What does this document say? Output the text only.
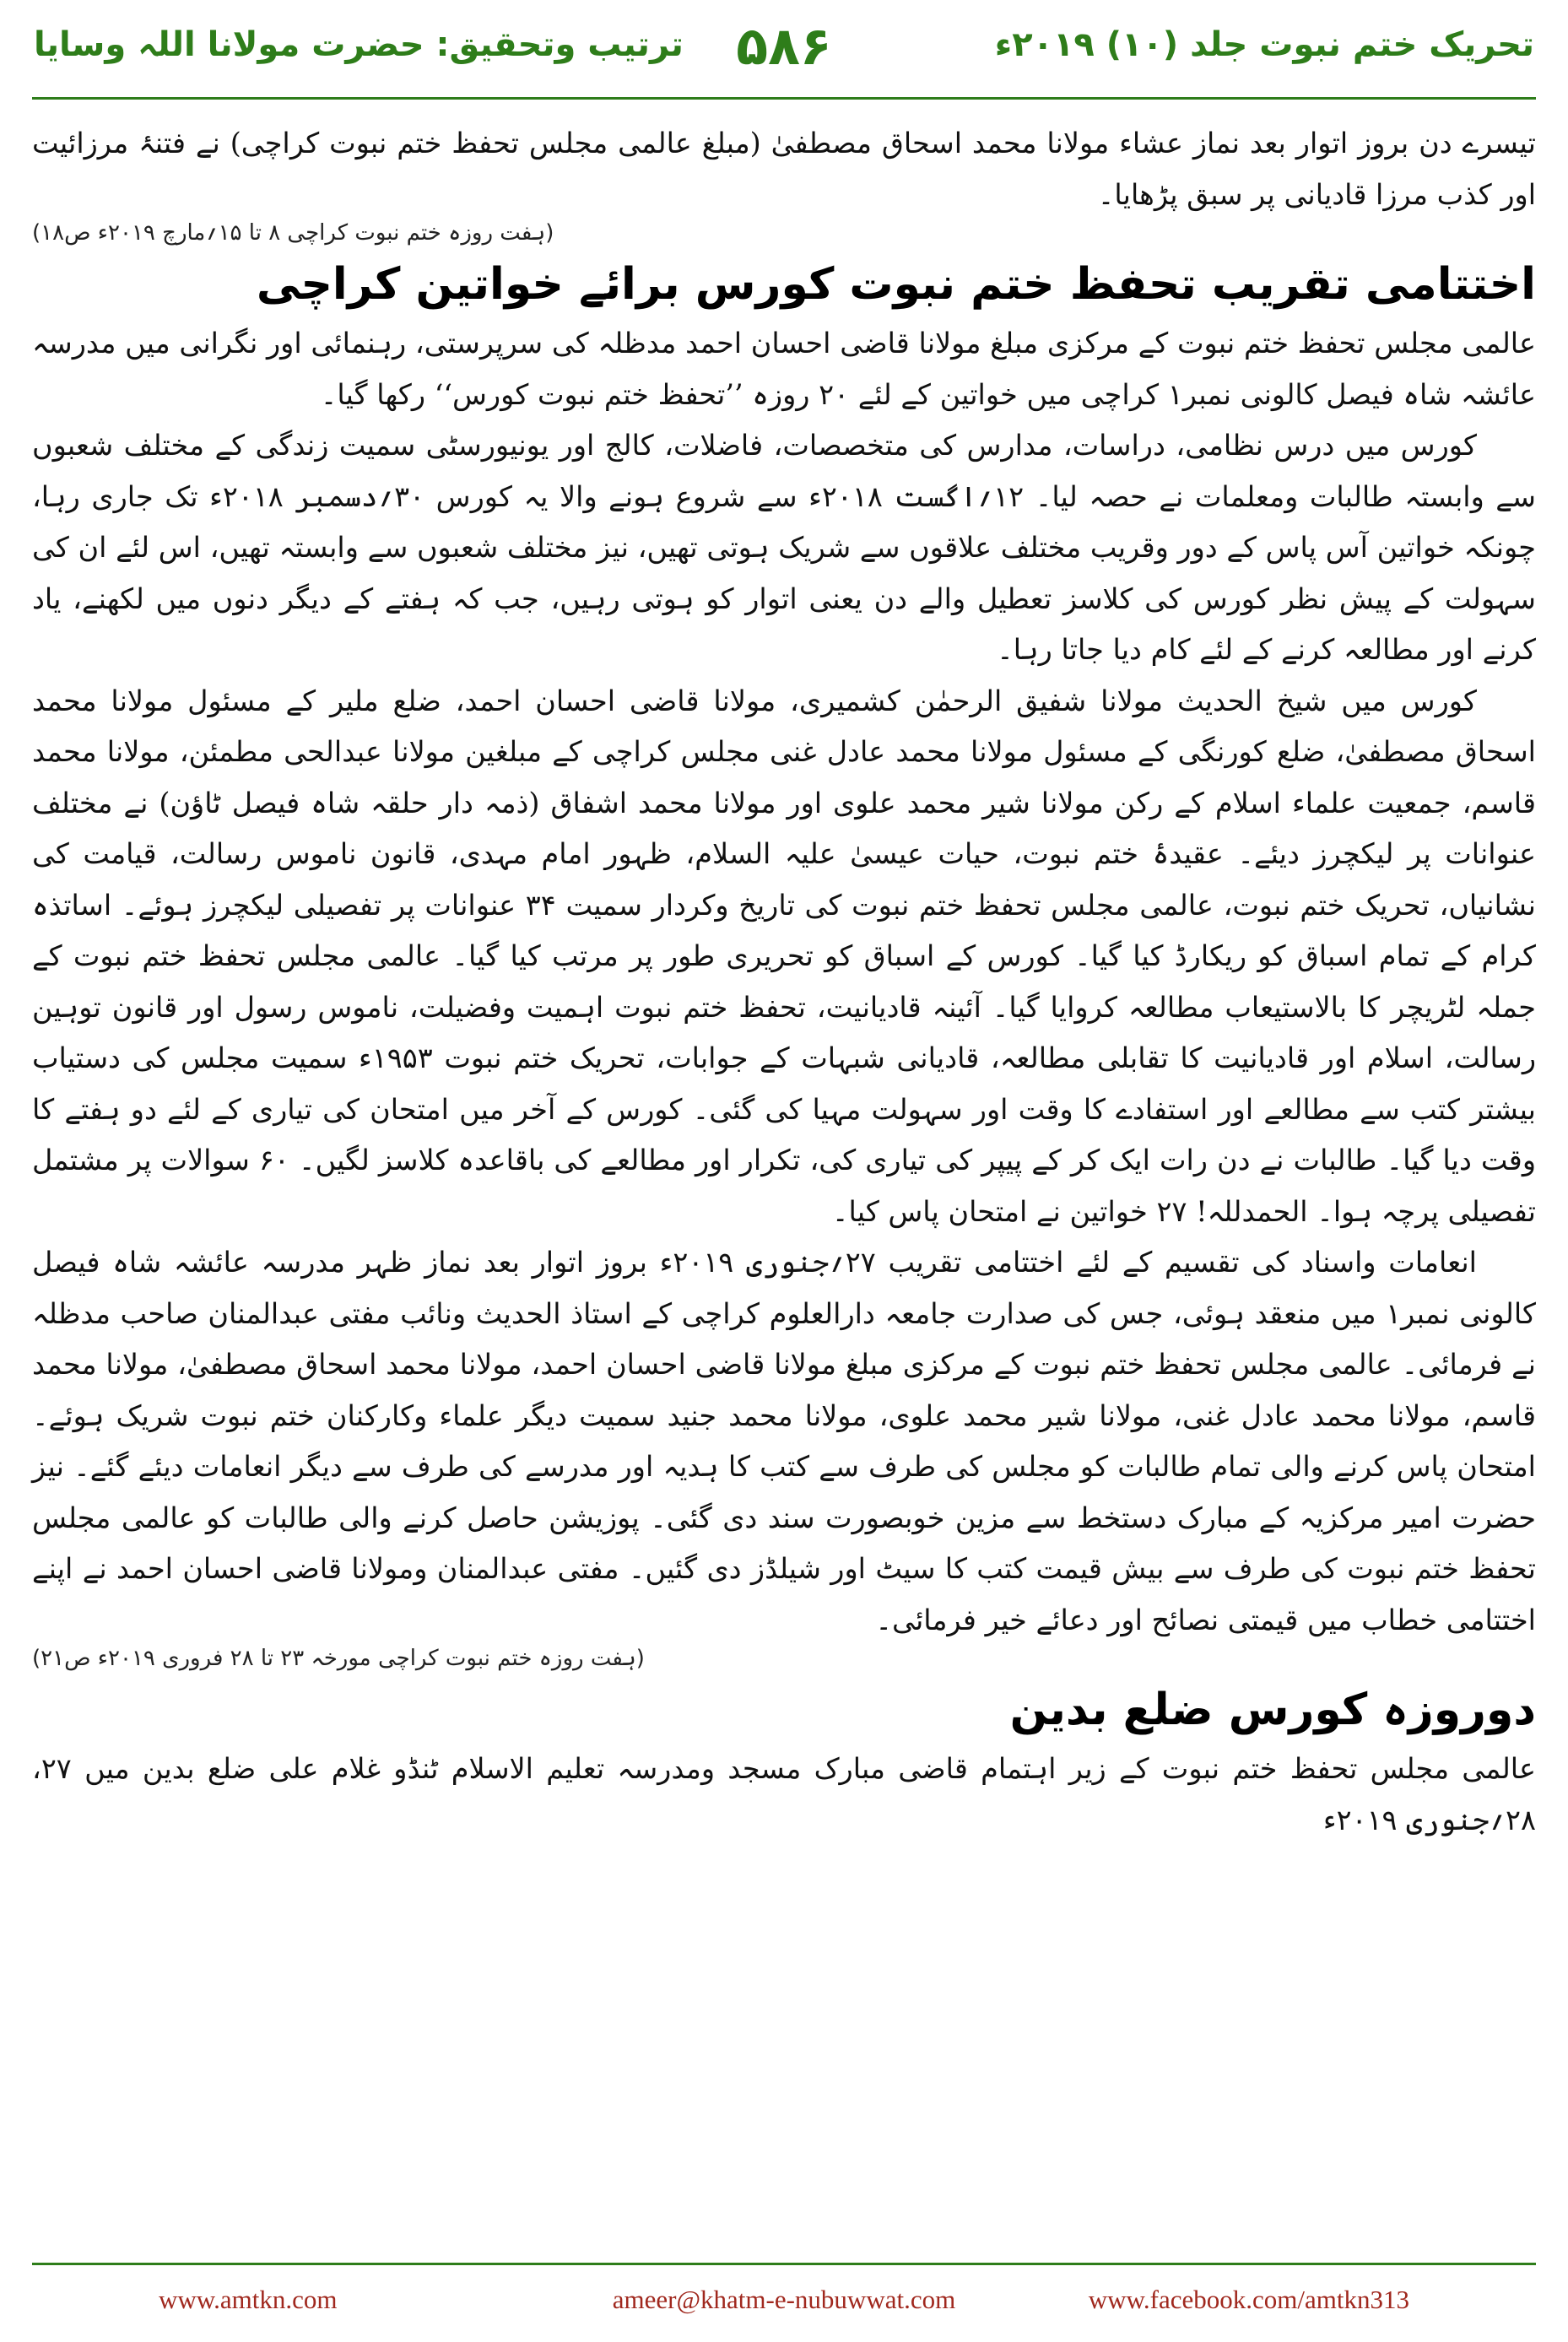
تحریک ختم نبوت جلد (۱۰) ۲۰۱۹ء
۵۸۶
ترتیب وتحقیق: حضرت مولانا اللہ وسایا

تیسرے دن بروز اتوار بعد نماز عشاء مولانا محمد اسحاق مصطفیٰ (مبلغ عالمی مجلس تحفظ ختم نبوت کراچی) نے فتنۂ مرزائیت اور کذب مرزا قادیانی پر سبق پڑھایا۔

(ہفت روزہ ختم نبوت کراچی ۸ تا ۱۵؍مارچ ۲۰۱۹ء ص۱۸)
اختتامی تقریب تحفظ ختم نبوت کورس برائے خواتین کراچی

عالمی مجلس تحفظ ختم نبوت کے مرکزی مبلغ مولانا قاضی احسان احمد مدظلہ کی سرپرستی، رہنمائی اور نگرانی میں مدرسہ عائشہ شاہ فیصل کالونی نمبر۱ کراچی میں خواتین کے لئے ۲۰ روزہ ’’تحفظ ختم نبوت کورس‘‘ رکھا گیا۔

کورس میں درس نظامی، دراسات، مدارس کی متخصصات، فاضلات، کالج اور یونیورسٹی سمیت زندگی کے مختلف شعبوں سے وابستہ طالبات ومعلمات نے حصہ لیا۔ ۱۲؍اگست ۲۰۱۸ء سے شروع ہونے والا یہ کورس ۳۰؍دسمبر ۲۰۱۸ء تک جاری رہا، چونکہ خواتین آس پاس کے دور وقریب مختلف علاقوں سے شریک ہوتی تھیں، نیز مختلف شعبوں سے وابستہ تھیں، اس لئے ان کی سہولت کے پیش نظر کورس کی کلاسز تعطیل والے دن یعنی اتوار کو ہوتی رہیں، جب کہ ہفتے کے دیگر دنوں میں لکھنے، یاد کرنے اور مطالعہ کرنے کے لئے کام دیا جاتا رہا۔

کورس میں شیخ الحدیث مولانا شفیق الرحمٰن کشمیری، مولانا قاضی احسان احمد، ضلع ملیر کے مسئول مولانا محمد اسحاق مصطفیٰ، ضلع کورنگی کے مسئول مولانا محمد عادل غنی مجلس کراچی کے مبلغین مولانا عبدالحی مطمئن، مولانا محمد قاسم، جمعیت علماء اسلام کے رکن مولانا شیر محمد علوی اور مولانا محمد اشفاق (ذمہ دار حلقہ شاہ فیصل ٹاؤن) نے مختلف عنوانات پر لیکچرز دیئے۔ عقیدۂ ختم نبوت، حیات عیسیٰ علیہ السلام، ظہور امام مہدی، قانون ناموس رسالت، قیامت کی نشانیاں، تحریک ختم نبوت، عالمی مجلس تحفظ ختم نبوت کی تاریخ وکردار سمیت ۳۴ عنوانات پر تفصیلی لیکچرز ہوئے۔ اساتذہ کرام کے تمام اسباق کو ریکارڈ کیا گیا۔ کورس کے اسباق کو تحریری طور پر مرتب کیا گیا۔ عالمی مجلس تحفظ ختم نبوت کے جملہ لٹریچر کا بالاستیعاب مطالعہ کروایا گیا۔ آئینہ قادیانیت، تحفظ ختم نبوت اہمیت وفضیلت، ناموس رسول اور قانون توہین رسالت، اسلام اور قادیانیت کا تقابلی مطالعہ، قادیانی شبہات کے جوابات، تحریک ختم نبوت ۱۹۵۳ء سمیت مجلس کی دستیاب بیشتر کتب سے مطالعے اور استفادے کا وقت اور سہولت مہیا کی گئی۔ کورس کے آخر میں امتحان کی تیاری کے لئے دو ہفتے کا وقت دیا گیا۔ طالبات نے دن رات ایک کر کے پیپر کی تیاری کی، تکرار اور مطالعے کی باقاعدہ کلاسز لگیں۔ ۶۰ سوالات پر مشتمل تفصیلی پرچہ ہوا۔ الحمدللہ! ۲۷ خواتین نے امتحان پاس کیا۔

انعامات واسناد کی تقسیم کے لئے اختتامی تقریب ۲۷؍جنوری ۲۰۱۹ء بروز اتوار بعد نماز ظہر مدرسہ عائشہ شاہ فیصل کالونی نمبر۱ میں منعقد ہوئی، جس کی صدارت جامعہ دارالعلوم کراچی کے استاذ الحدیث ونائب مفتی عبدالمنان صاحب مدظلہ نے فرمائی۔ عالمی مجلس تحفظ ختم نبوت کے مرکزی مبلغ مولانا قاضی احسان احمد، مولانا محمد اسحاق مصطفیٰ، مولانا محمد قاسم، مولانا محمد عادل غنی، مولانا شیر محمد علوی، مولانا محمد جنید سمیت دیگر علماء وکارکنان ختم نبوت شریک ہوئے۔ امتحان پاس کرنے والی تمام طالبات کو مجلس کی طرف سے کتب کا ہدیہ اور مدرسے کی طرف سے دیگر انعامات دیئے گئے۔ نیز حضرت امیر مرکزیہ کے مبارک دستخط سے مزین خوبصورت سند دی گئی۔ پوزیشن حاصل کرنے والی طالبات کو عالمی مجلس تحفظ ختم نبوت کی طرف سے بیش قیمت کتب کا سیٹ اور شیلڈز دی گئیں۔ مفتی عبدالمنان ومولانا قاضی احسان احمد نے اپنے اختتامی خطاب میں قیمتی نصائح اور دعائے خیر فرمائی۔

(ہفت روزہ ختم نبوت کراچی مورخہ ۲۳ تا ۲۸ فروری ۲۰۱۹ء ص۲۱)
دوروزہ کورس ضلع بدین

عالمی مجلس تحفظ ختم نبوت کے زیر اہتمام قاضی مبارک مسجد ومدرسہ تعلیم الاسلام ٹنڈو غلام علی ضلع بدین میں ۲۷، ۲۸؍جنوری ۲۰۱۹ء

www.amtkn.com	ameer@khatm-e-nubuwwat.com	www.facebook.com/amtkn313
